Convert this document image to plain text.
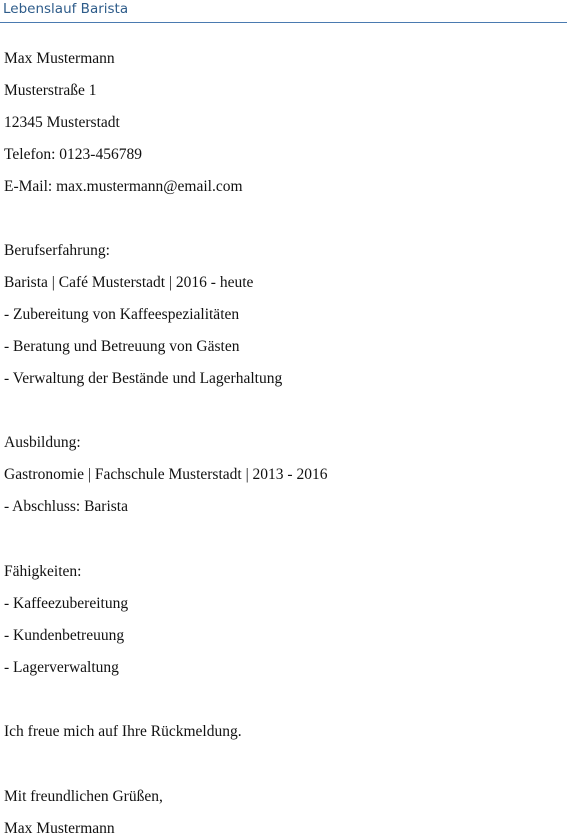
Lebenslauf Barista
Max Mustermann
Musterstraße 1
12345 Musterstadt
Telefon: 0123-456789
E-Mail: max.mustermann@email.com
Berufserfahrung:
Barista | Café Musterstadt | 2016 - heute
- Zubereitung von Kaffeespezialitäten
- Beratung und Betreuung von Gästen
- Verwaltung der Bestände und Lagerhaltung
Ausbildung:
Gastronomie | Fachschule Musterstadt | 2013 - 2016
- Abschluss: Barista
Fähigkeiten:
- Kaffeezubereitung
- Kundenbetreuung
- Lagerverwaltung
Ich freue mich auf Ihre Rückmeldung.
Mit freundlichen Grüßen,
Max Mustermann
